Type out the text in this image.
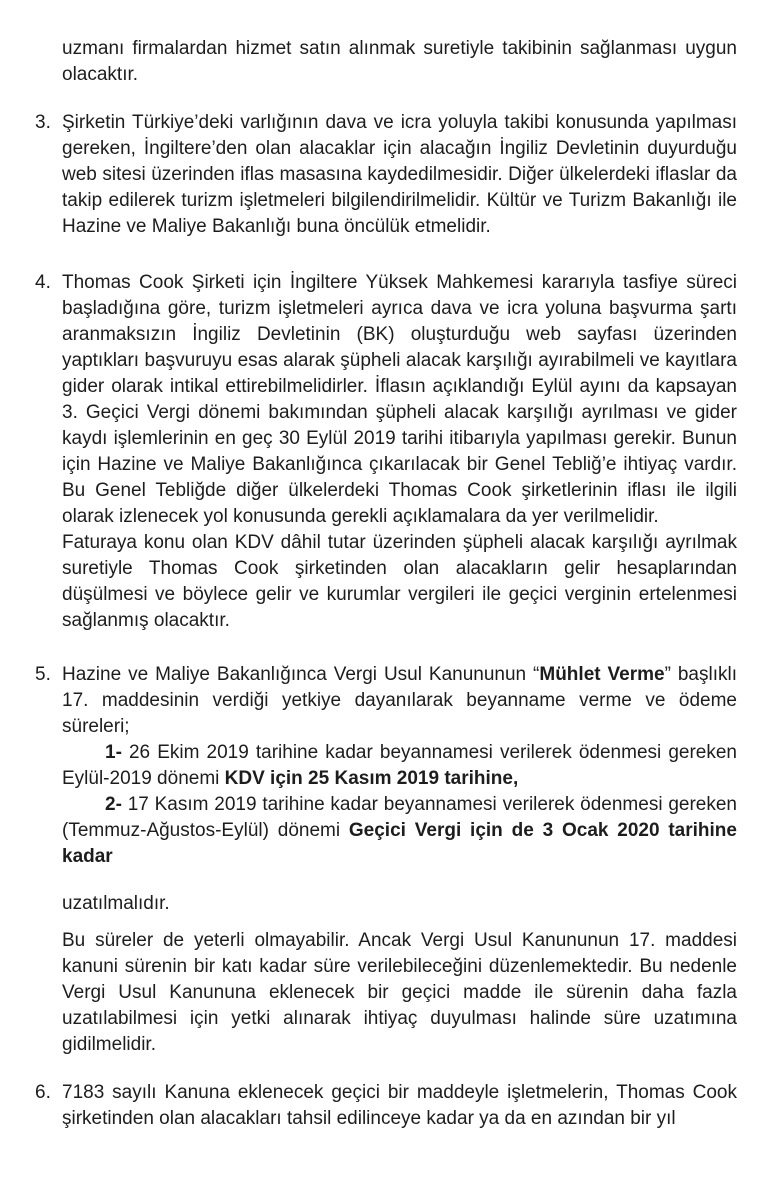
uzmanı firmalardan hizmet satın alınmak suretiyle takibinin sağlanması uygun olacaktır.

3. Şirketin Türkiye’deki varlığının dava ve icra yoluyla takibi konusunda yapılması gereken, İngiltere’den olan alacaklar için alacağın İngiliz Devletinin duyurduğu web sitesi üzerinden iflas masasına kaydedilmesidir. Diğer ülkelerdeki iflaslar da takip edilerek turizm işletmeleri bilgilendirilmelidir. Kültür ve Turizm Bakanlığı ile Hazine ve Maliye Bakanlığı buna öncülük etmelidir.

4. Thomas Cook Şirketi için İngiltere Yüksek Mahkemesi kararıyla tasfiye süreci başladığına göre, turizm işletmeleri ayrıca dava ve icra yoluna başvurma şartı aranmaksızın İngiliz Devletinin (BK) oluşturduğu web sayfası üzerinden yaptıkları başvuruyu esas alarak şüpheli alacak karşılığı ayırabilmeli ve kayıtlara gider olarak intikal ettirebilmelidirler. İflasın açıklandığı Eylül ayını da kapsayan 3. Geçici Vergi dönemi bakımından şüpheli alacak karşılığı ayrılması ve gider kaydı işlemlerinin en geç 30 Eylül 2019 tarihi itibarıyla yapılması gerekir. Bunun için Hazine ve Maliye Bakanlığınca çıkarılacak bir Genel Tebliğ’e ihtiyaç vardır. Bu Genel Tebliğde diğer ülkelerdeki Thomas Cook şirketlerinin iflası ile ilgili olarak izlenecek yol konusunda gerekli açıklamalara da yer verilmelidir.

Faturaya konu olan KDV dâhil tutar üzerinden şüpheli alacak karşılığı ayrılmak suretiyle Thomas Cook şirketinden olan alacakların gelir hesaplarından düşülmesi ve böylece gelir ve kurumlar vergileri ile geçici verginin ertelenmesi sağlanmış olacaktır.

5. Hazine ve Maliye Bakanlığınca Vergi Usul Kanununun “Mühlet Verme” başlıklı 17. maddesinin verdiği yetkiye dayanılarak beyanname verme ve ödeme süreleri;

1- 26 Ekim 2019 tarihine kadar beyannamesi verilerek ödenmesi gereken Eylül-2019 dönemi KDV için 25 Kasım 2019 tarihine,

2- 17 Kasım 2019 tarihine kadar beyannamesi verilerek ödenmesi gereken (Temmuz-Ağustos-Eylül) dönemi Geçici Vergi için de 3 Ocak 2020 tarihine kadar

uzatılmalıdır.

Bu süreler de yeterli olmayabilir. Ancak Vergi Usul Kanununun 17. maddesi kanuni sürenin bir katı kadar süre verilebileceğini düzenlemektedir. Bu nedenle Vergi Usul Kanununa eklenecek bir geçici madde ile sürenin daha fazla uzatılabilmesi için yetki alınarak ihtiyaç duyulması halinde süre uzatımına gidilmelidir.

6. 7183 sayılı Kanuna eklenecek geçici bir maddeyle işletmelerin, Thomas Cook şirketinden olan alacakları tahsil edilinceye kadar ya da en azından bir yıl
